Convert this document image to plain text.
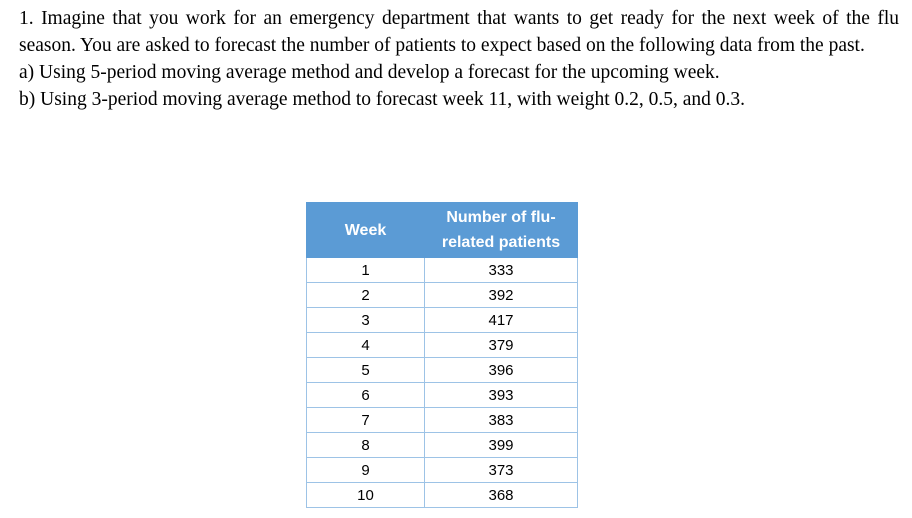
1. Imagine that you work for an emergency department that wants to get ready for the next week of the flu season. You are asked to forecast the number of patients to expect based on the following data from the past.

a) Using 5-period moving average method and develop a forecast for the upcoming week.

b) Using 3-period moving average method to forecast week 11, with weight 0.2, 0.5, and 0.3.

Week	Number of flu-
related patients

1	333
2	392
3	417
4	379
5	396
6	393
7	383
8	399
9	373
10	368
